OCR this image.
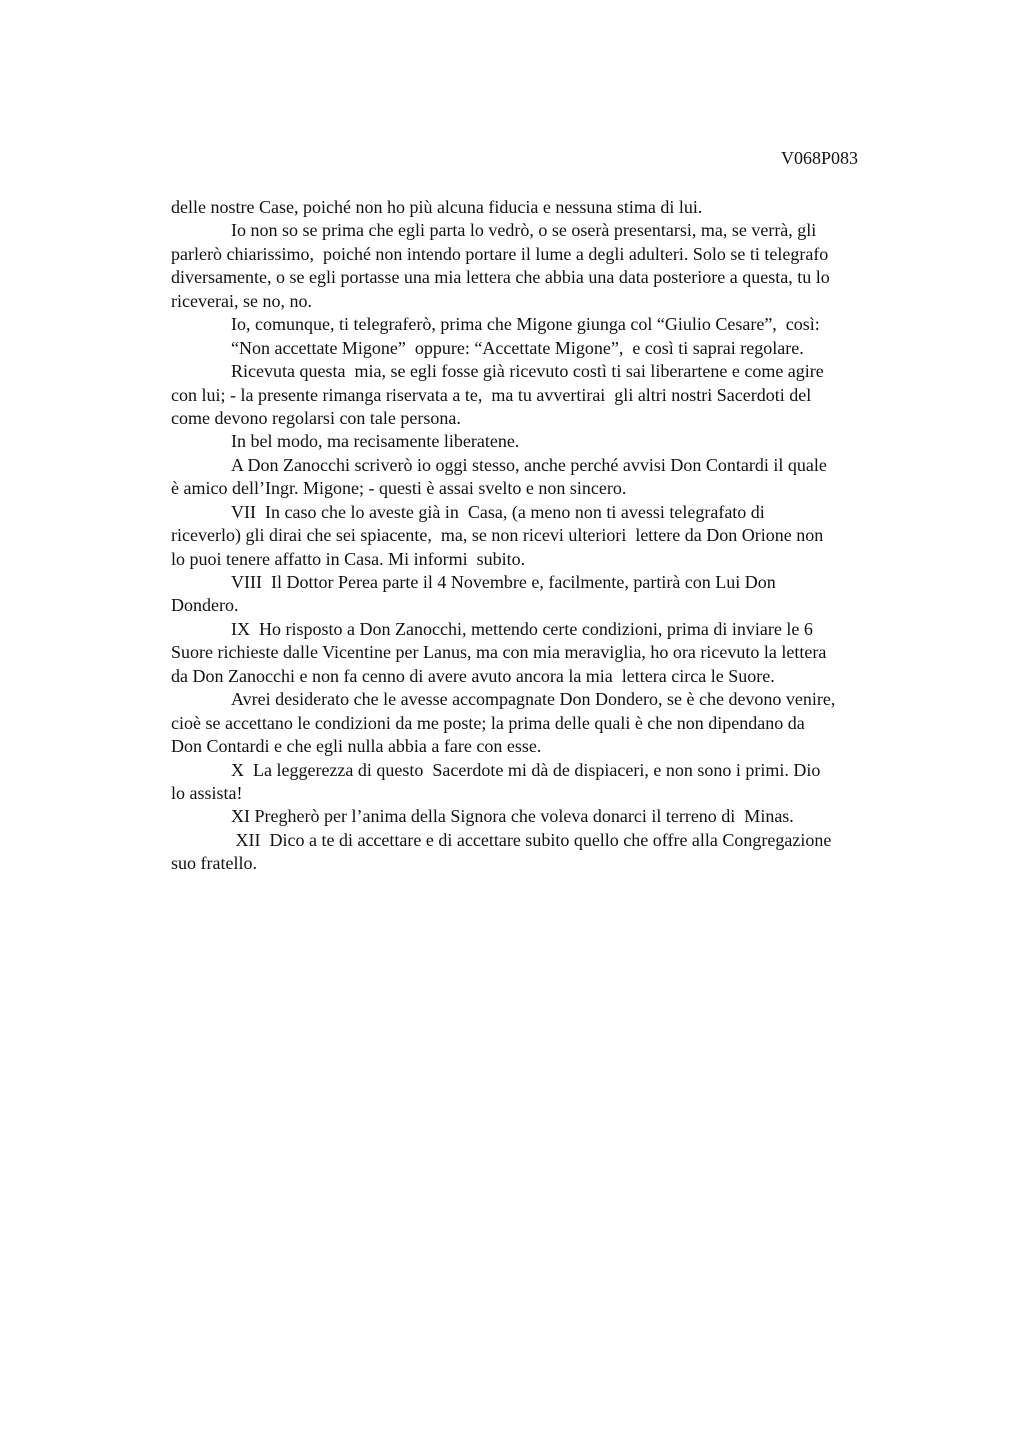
V068P083
delle nostre Case, poiché non ho più alcuna fiducia e nessuna stima di lui.
Io non so se prima che egli parta lo vedrò, o se oserà presentarsi, ma, se verrà, gli
parlerò chiarissimo,  poiché non intendo portare il lume a degli adulteri. Solo se ti telegrafo
diversamente, o se egli portasse una mia lettera che abbia una data posteriore a questa, tu lo
riceverai, se no, no.
Io, comunque, ti telegraferò, prima che Migone giunga col “Giulio Cesare”,  così:
“Non accettate Migone”  oppure: “Accettate Migone”,  e così ti saprai regolare.
Ricevuta questa  mia, se egli fosse già ricevuto costì ti sai liberartene e come agire
con lui; - la presente rimanga riservata a te,  ma tu avvertirai  gli altri nostri Sacerdoti del
come devono regolarsi con tale persona.
In bel modo, ma recisamente liberatene.
A Don Zanocchi scriverò io oggi stesso, anche perché avvisi Don Contardi il quale
è amico dell’Ingr. Migone; - questi è assai svelto e non sincero.
VII  In caso che lo aveste già in  Casa, (a meno non ti avessi telegrafato di
riceverlo) gli dirai che sei spiacente,  ma, se non ricevi ulteriori  lettere da Don Orione non
lo puoi tenere affatto in Casa. Mi informi  subito.
VIII  Il Dottor Perea parte il 4 Novembre e, facilmente, partirà con Lui Don
Dondero.
IX  Ho risposto a Don Zanocchi, mettendo certe condizioni, prima di inviare le 6
Suore richieste dalle Vicentine per Lanus, ma con mia meraviglia, ho ora ricevuto la lettera
da Don Zanocchi e non fa cenno di avere avuto ancora la mia  lettera circa le Suore.
Avrei desiderato che le avesse accompagnate Don Dondero, se è che devono venire,
cioè se accettano le condizioni da me poste; la prima delle quali è che non dipendano da
Don Contardi e che egli nulla abbia a fare con esse.
X  La leggerezza di questo  Sacerdote mi dà de dispiaceri, e non sono i primi. Dio
lo assista!
XI Pregherò per l’anima della Signora che voleva donarci il terreno di  Minas.
XII  Dico a te di accettare e di accettare subito quello che offre alla Congregazione
suo fratello.
